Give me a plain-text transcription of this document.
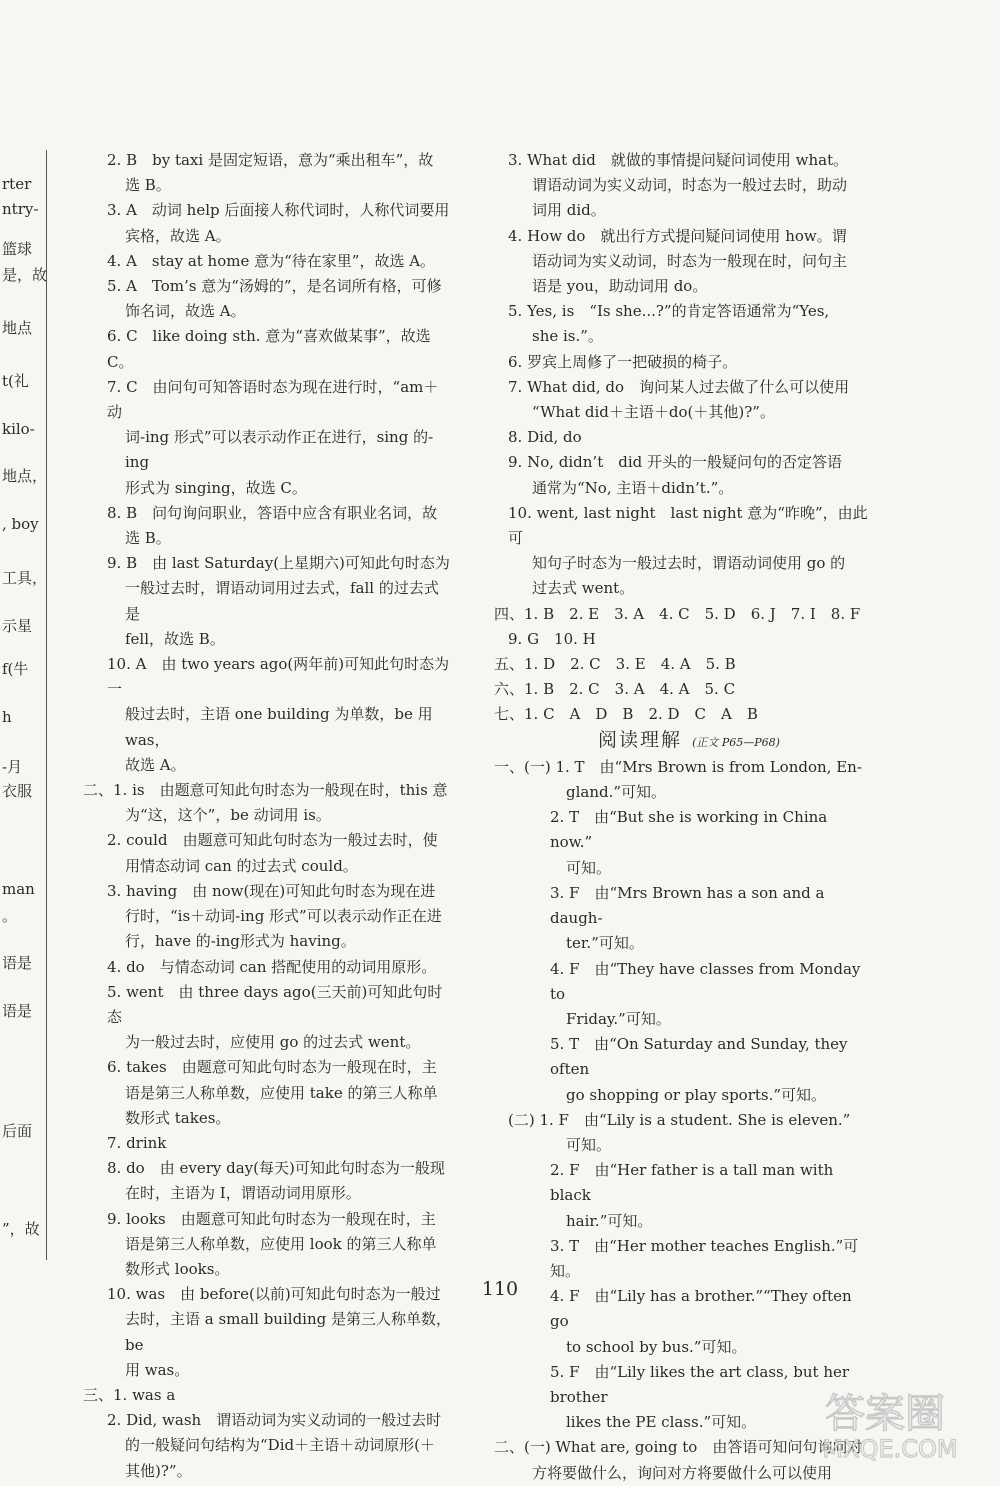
rter
ntry-
篮球
是，故
地点
t(礼
kilo-
地点，
, boy
工具，
示星
f(牛
h
-月
衣服
man
。
语是
语是
后面
”，故
2. B　by taxi 是固定短语，意为“乘出租车”，故
选 B。
3. A　动词 help 后面接人称代词时，人称代词要用
宾格，故选 A。
4. A　stay at home 意为“待在家里”，故选 A。
5. A　Tom’s 意为“汤姆的”，是名词所有格，可修
饰名词，故选 A。
6. C　like doing sth. 意为“喜欢做某事”，故选 C。
7. C　由问句可知答语时态为现在进行时，“am＋动
词-ing 形式”可以表示动作正在进行，sing 的-ing
形式为 singing，故选 C。
8. B　问句询问职业，答语中应含有职业名词，故
选 B。
9. B　由 last Saturday(上星期六)可知此句时态为
一般过去时，谓语动词用过去式，fall 的过去式是
fell，故选 B。
10. A　由 two years ago(两年前)可知此句时态为一
般过去时，主语 one building 为单数，be 用 was，
故选 A。
二、1. is　由题意可知此句时态为一般现在时，this 意
为“这，这个”，be 动词用 is。
2. could　由题意可知此句时态为一般过去时，使
用情态动词 can 的过去式 could。
3. having　由 now(现在)可知此句时态为现在进
行时，“is＋动词-ing 形式”可以表示动作正在进
行，have 的-ing形式为 having。
4. do　与情态动词 can 搭配使用的动词用原形。
5. went　由 three days ago(三天前)可知此句时态
为一般过去时，应使用 go 的过去式 went。
6. takes　由题意可知此句时态为一般现在时，主
语是第三人称单数，应使用 take 的第三人称单
数形式 takes。
7. drink
8. do　由 every day(每天)可知此句时态为一般现
在时，主语为 I，谓语动词用原形。
9. looks　由题意可知此句时态为一般现在时，主
语是第三人称单数，应使用 look 的第三人称单
数形式 looks。
10. was　由 before(以前)可知此句时态为一般过
去时，主语 a small building 是第三人称单数，be
用 was。
三、1. was a
2. Did, wash　谓语动词为实义动词的一般过去时
的一般疑问句结构为“Did＋主语＋动词原形(＋
其他)?”。
3. What did　就做的事情提问疑问词使用 what。
谓语动词为实义动词，时态为一般过去时，助动
词用 did。
4. How do　就出行方式提问疑问词使用 how。谓
语动词为实义动词，时态为一般现在时，问句主
语是 you，助动词用 do。
5. Yes, is　“Is she...?”的肯定答语通常为“Yes,
she is.”。
6. 罗宾上周修了一把破损的椅子。
7. What did, do　询问某人过去做了什么可以使用
“What did＋主语＋do(＋其他)?”。
8. Did, do
9. No, didn’t　did 开头的一般疑问句的否定答语
通常为“No, 主语＋didn’t.”。
10. went, last night　last night 意为“昨晚”，由此可
知句子时态为一般过去时，谓语动词使用 go 的
过去式 went。
四、1. B　2. E　3. A　4. C　5. D　6. J　7. I　8. F
9. G　10. H
五、1. D　2. C　3. E　4. A　5. B
六、1. B　2. C　3. A　4. A　5. C
七、1. C　A　D　B　2. D　C　A　B
阅读理解 (正文 P65—P68)
一、(一) 1. T　由“Mrs Brown is from London, En-
gland.”可知。
2. T　由“But she is working in China now.”
可知。
3. F　由“Mrs Brown has a son and a daugh-
ter.”可知。
4. F　由“They have classes from Monday to
Friday.”可知。
5. T　由“On Saturday and Sunday, they often
go shopping or play sports.”可知。
(二) 1. F　由“Lily is a student. She is eleven.”
可知。
2. F　由“Her father is a tall man with black
hair.”可知。
3. T　由“Her mother teaches English.”可知。
4. F　由“Lily has a brother.”“They often go
to school by bus.”可知。
5. F　由“Lily likes the art class, but her brother
likes the PE class.”可知。
二、(一) What are, going to　由答语可知问句询问对
方将要做什么，询问对方将要做什么可以使用
110
答案圈
MXQE.COM
